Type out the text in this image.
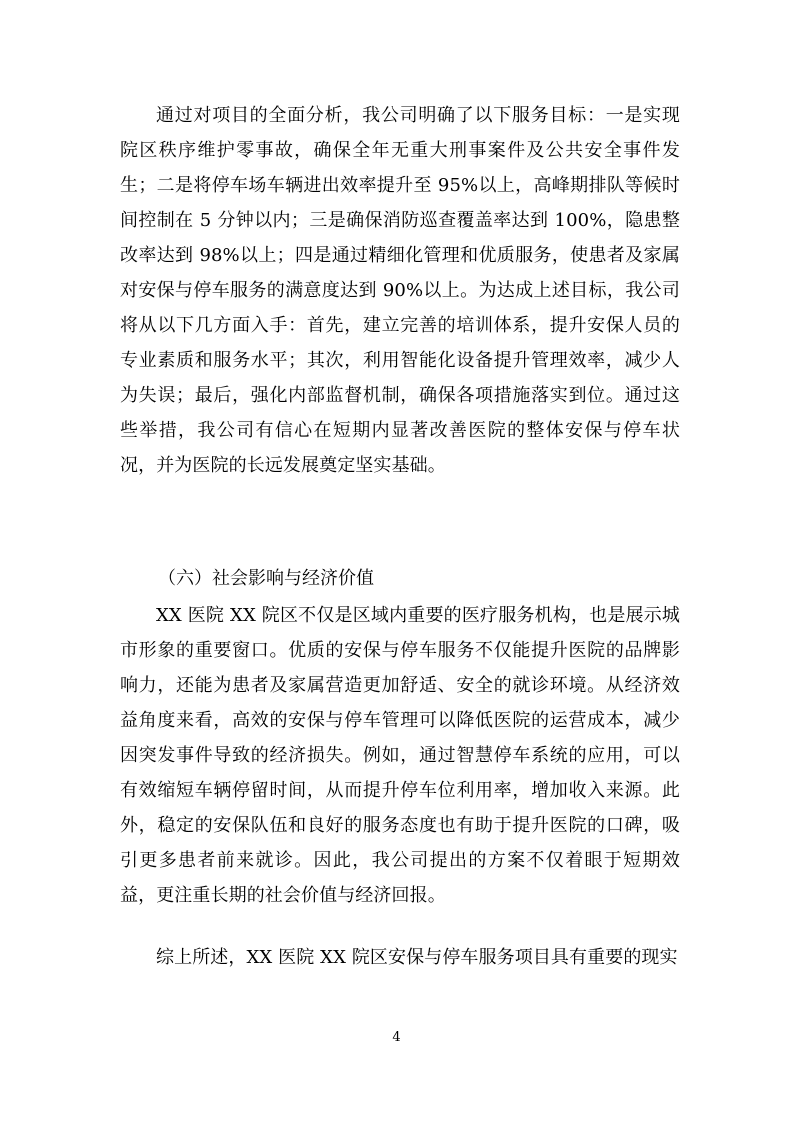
通过对项目的全面分析，我公司明确了以下服务目标：一是实现院区秩序维护零事故，确保全年无重大刑事案件及公共安全事件发生；二是将停车场车辆进出效率提升至 95%以上，高峰期排队等候时间控制在 5 分钟以内；三是确保消防巡查覆盖率达到 100%，隐患整改率达到 98%以上；四是通过精细化管理和优质服务，使患者及家属对安保与停车服务的满意度达到 90%以上。为达成上述目标，我公司将从以下几方面入手：首先，建立完善的培训体系，提升安保人员的专业素质和服务水平；其次，利用智能化设备提升管理效率，减少人为失误；最后，强化内部监督机制，确保各项措施落实到位。通过这些举措，我公司有信心在短期内显著改善医院的整体安保与停车状况，并为医院的长远发展奠定坚实基础。

（六）社会影响与经济价值

XX 医院 XX 院区不仅是区域内重要的医疗服务机构，也是展示城市形象的重要窗口。优质的安保与停车服务不仅能提升医院的品牌影响力，还能为患者及家属营造更加舒适、安全的就诊环境。从经济效益角度来看，高效的安保与停车管理可以降低医院的运营成本，减少因突发事件导致的经济损失。例如，通过智慧停车系统的应用，可以有效缩短车辆停留时间，从而提升停车位利用率，增加收入来源。此外，稳定的安保队伍和良好的服务态度也有助于提升医院的口碑，吸引更多患者前来就诊。因此，我公司提出的方案不仅着眼于短期效益，更注重长期的社会价值与经济回报。

综上所述，XX 医院 XX 院区安保与停车服务项目具有重要的现实

4
